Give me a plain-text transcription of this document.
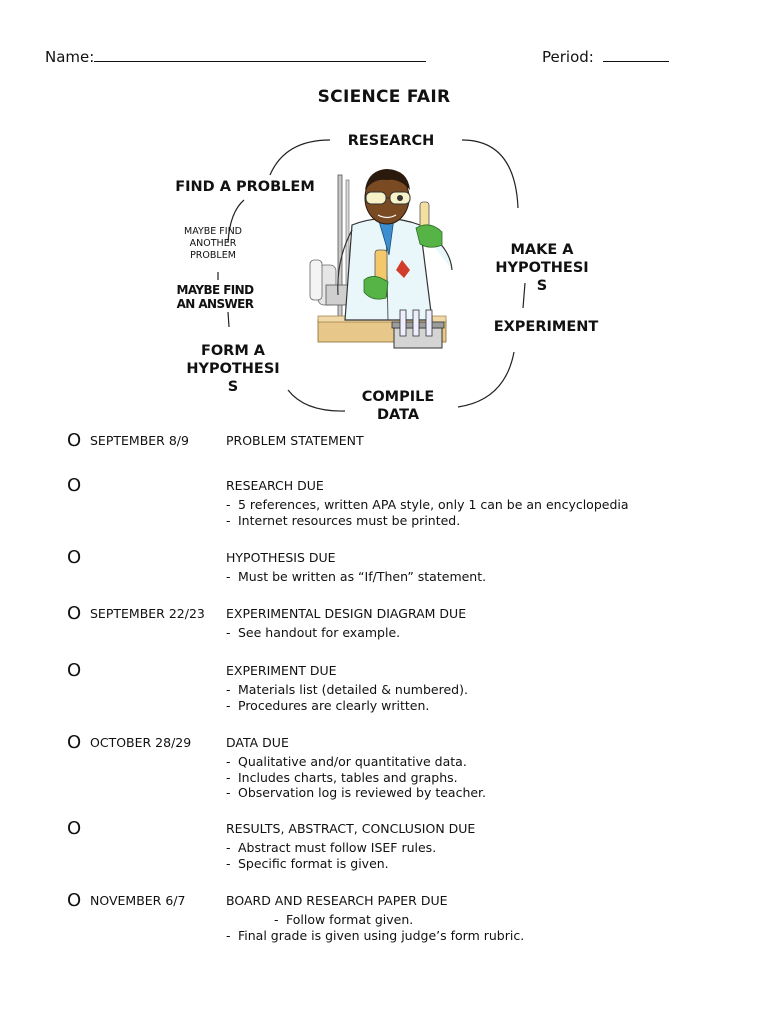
Name:	Period:
SCIENCE FAIR
RESEARCH
FIND A PROBLEM
MAYBE FIND
ANOTHER
PROBLEM
MAYBE FIND
AN ANSWER
MAKE A
HYPOTHESI
S
EXPERIMENT
FORM A
HYPOTHESI
S
COMPILE
DATA
O SEPTEMBER 8/9	PROBLEM STATEMENT
O	RESEARCH DUE
- 5 references, written APA style, only 1 can be an encyclopedia
- Internet resources must be printed.
O	HYPOTHESIS DUE
- Must be written as “If/Then” statement.
O SEPTEMBER 22/23 EXPERIMENTAL DESIGN DIAGRAM DUE
- See handout for example.
O	EXPERIMENT DUE
- Materials list (detailed & numbered).
- Procedures are clearly written.
O OCTOBER 28/29	DATA DUE
- Qualitative and/or quantitative data.
- Includes charts, tables and graphs.
- Observation log is reviewed by teacher.
O	RESULTS, ABSTRACT, CONCLUSION DUE
- Abstract must follow ISEF rules.
- Specific format is given.
O NOVEMBER 6/7	BOARD AND RESEARCH PAPER DUE
- Follow format given.
- Final grade is given using judge’s form rubric.
